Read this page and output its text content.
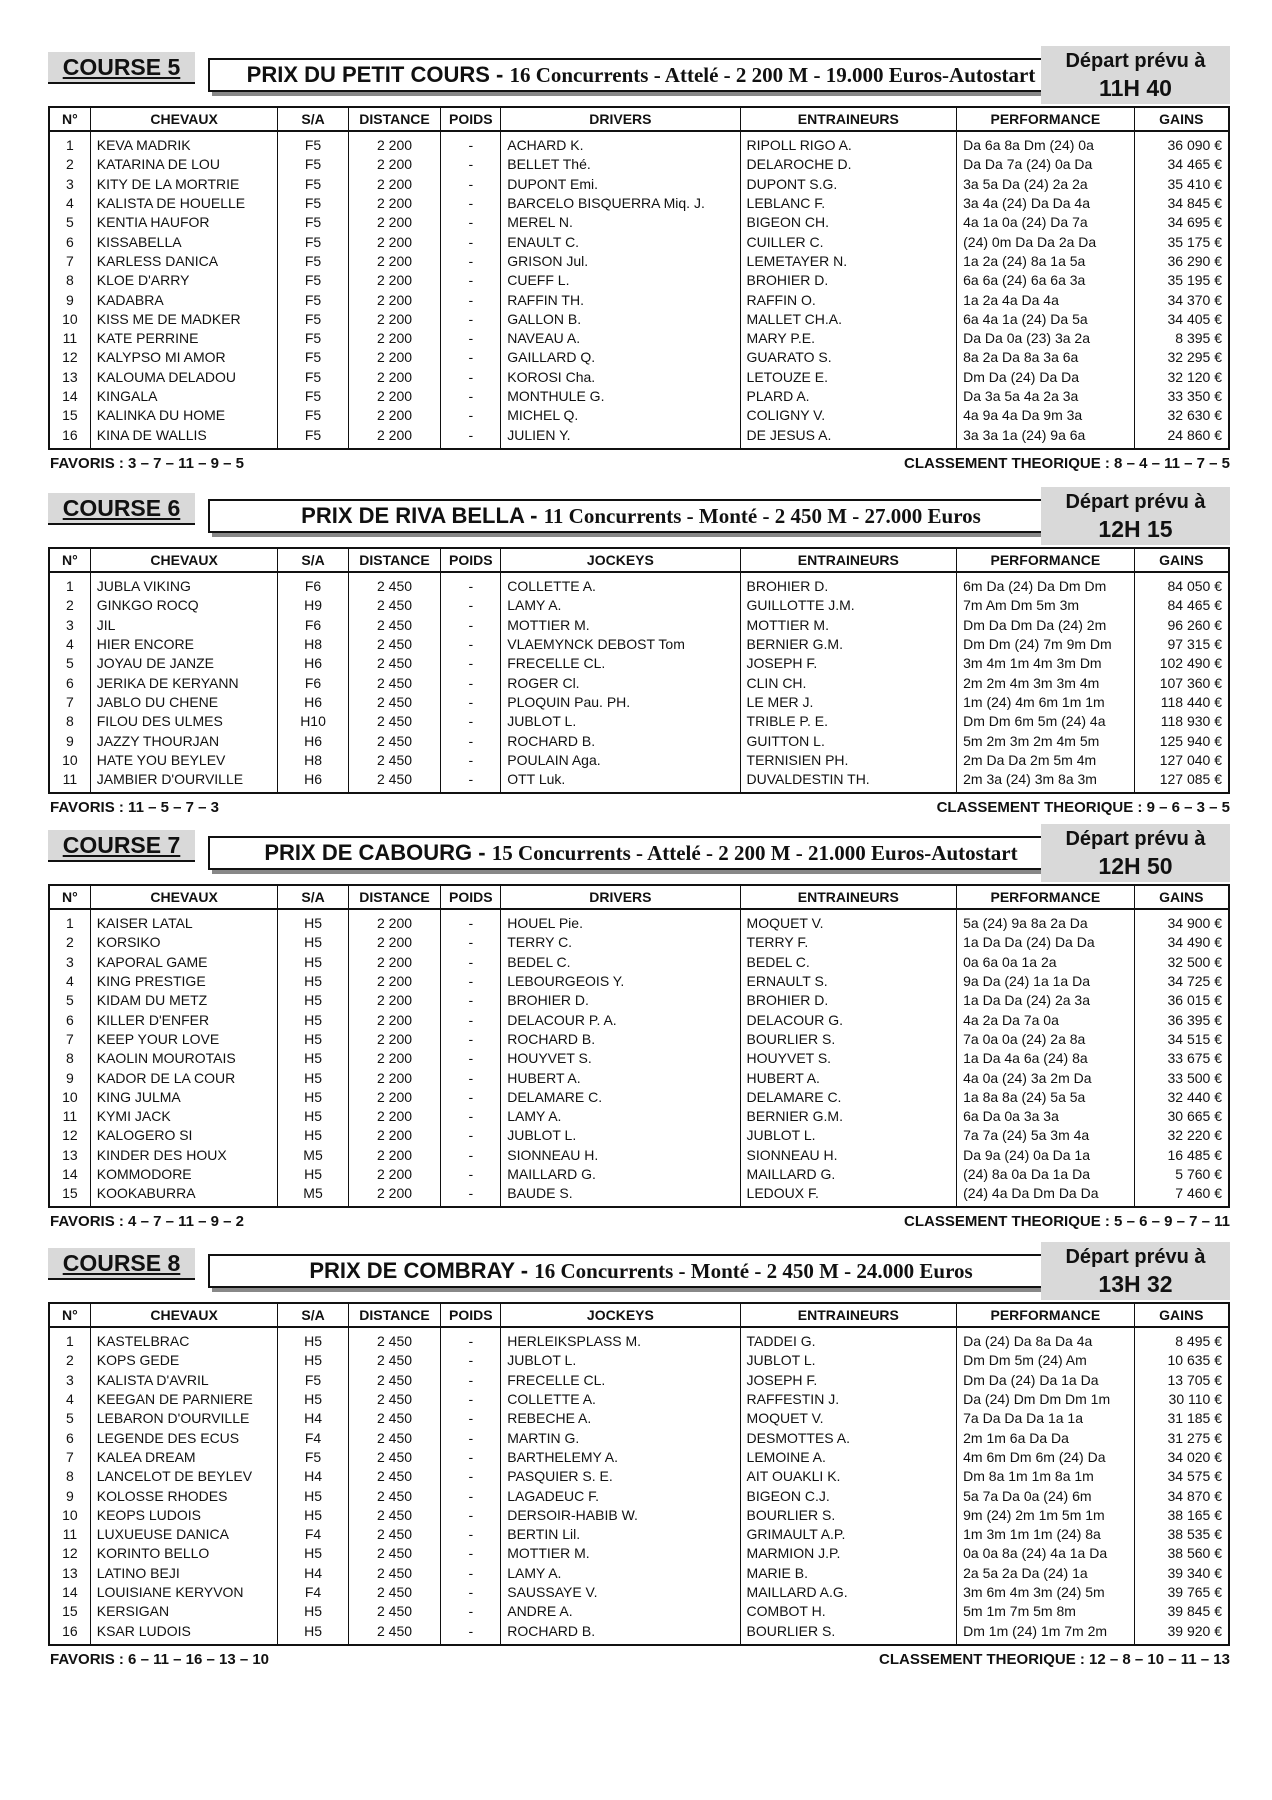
COURSE 5	PRIX DU PETIT COURS - 16 Concurrents - Attelé - 2 200 M - 19.000 Euros-Autostart
Départ prévu à
11H 40
N°	CHEVAUX	S/A	DISTANCE	POIDS	DRIVERS	ENTRAINEURS	PERFORMANCE	GAINS
1	KEVA MADRIK	F5	2 200	-	ACHARD K.	RIPOLL RIGO A.	Da 6a 8a Dm (24) 0a	36 090 €
2	KATARINA DE LOU	F5	2 200	-	BELLET Thé.	DELAROCHE D.	Da Da 7a (24) 0a Da	34 465 €
3	KITY DE LA MORTRIE	F5	2 200	-	DUPONT Emi.	DUPONT S.G.	3a 5a Da (24) 2a 2a	35 410 €
4	KALISTA DE HOUELLE	F5	2 200	-	BARCELO BISQUERRA Miq. J.	LEBLANC F.	3a 4a (24) Da Da 4a	34 845 €
5	KENTIA HAUFOR	F5	2 200	-	MEREL N.	BIGEON CH.	4a 1a 0a (24) Da 7a	34 695 €
6	KISSABELLA	F5	2 200	-	ENAULT C.	CUILLER C.	(24) 0m Da Da 2a Da	35 175 €
7	KARLESS DANICA	F5	2 200	-	GRISON Jul.	LEMETAYER N.	1a 2a (24) 8a 1a 5a	36 290 €
8	KLOE D'ARRY	F5	2 200	-	CUEFF L.	BROHIER D.	6a 6a (24) 6a 6a 3a	35 195 €
9	KADABRA	F5	2 200	-	RAFFIN TH.	RAFFIN O.	1a 2a 4a Da 4a	34 370 €
10	KISS ME DE MADKER	F5	2 200	-	GALLON B.	MALLET CH.A.	6a 4a 1a (24) Da 5a	34 405 €
11	KATE PERRINE	F5	2 200	-	NAVEAU A.	MARY P.E.	Da Da 0a (23) 3a 2a	8 395 €
12	KALYPSO MI AMOR	F5	2 200	-	GAILLARD Q.	GUARATO S.	8a 2a Da 8a 3a 6a	32 295 €
13	KALOUMA DELADOU	F5	2 200	-	KOROSI Cha.	LETOUZE E.	Dm Da (24) Da Da	32 120 €
14	KINGALA	F5	2 200	-	MONTHULE G.	PLARD A.	Da 3a 5a 4a 2a 3a	33 350 €
15	KALINKA DU HOME	F5	2 200	-	MICHEL Q.	COLIGNY V.	4a 9a 4a Da 9m 3a	32 630 €
16	KINA DE WALLIS	F5	2 200	-	JULIEN Y.	DE JESUS A.	3a 3a 1a (24) 9a 6a	24 860 €
FAVORIS : 3 – 7 – 11 – 9 – 5	CLASSEMENT THEORIQUE : 8 – 4 – 11 – 7 – 5
COURSE 6	PRIX DE RIVA BELLA - 11 Concurrents - Monté - 2 450 M - 27.000 Euros
Départ prévu à
12H 15
N°	CHEVAUX	S/A	DISTANCE	POIDS	JOCKEYS	ENTRAINEURS	PERFORMANCE	GAINS
1	JUBLA VIKING	F6	2 450	-	COLLETTE A.	BROHIER D.	6m Da (24) Da Dm Dm	84 050 €
2	GINKGO ROCQ	H9	2 450	-	LAMY A.	GUILLOTTE J.M.	7m Am Dm 5m 3m	84 465 €
3	JIL	F6	2 450	-	MOTTIER M.	MOTTIER M.	Dm Da Dm Da (24) 2m	96 260 €
4	HIER ENCORE	H8	2 450	-	VLAEMYNCK DEBOST Tom	BERNIER G.M.	Dm Dm (24) 7m 9m Dm	97 315 €
5	JOYAU DE JANZE	H6	2 450	-	FRECELLE CL.	JOSEPH F.	3m 4m 1m 4m 3m Dm	102 490 €
6	JERIKA DE KERYANN	F6	2 450	-	ROGER Cl.	CLIN CH.	2m 2m 4m 3m 3m 4m	107 360 €
7	JABLO DU CHENE	H6	2 450	-	PLOQUIN Pau. PH.	LE MER J.	1m (24) 4m 6m 1m 1m	118 440 €
8	FILOU DES ULMES	H10	2 450	-	JUBLOT L.	TRIBLE P. E.	Dm Dm 6m 5m (24) 4a	118 930 €
9	JAZZY THOURJAN	H6	2 450	-	ROCHARD B.	GUITTON L.	5m 2m 3m 2m 4m 5m	125 940 €
10	HATE YOU BEYLEV	H8	2 450	-	POULAIN Aga.	TERNISIEN PH.	2m Da Da 2m 5m 4m	127 040 €
11	JAMBIER D'OURVILLE	H6	2 450	-	OTT Luk.	DUVALDESTIN TH.	2m 3a (24) 3m 8a 3m	127 085 €
FAVORIS : 11 – 5 – 7 – 3	CLASSEMENT THEORIQUE : 9 – 6 – 3 – 5
COURSE 7	PRIX DE CABOURG - 15 Concurrents - Attelé - 2 200 M - 21.000 Euros-Autostart
Départ prévu à
12H 50
N°	CHEVAUX	S/A	DISTANCE	POIDS	DRIVERS	ENTRAINEURS	PERFORMANCE	GAINS
1	KAISER LATAL	H5	2 200	-	HOUEL Pie.	MOQUET V.	5a (24) 9a 8a 2a Da	34 900 €
2	KORSIKO	H5	2 200	-	TERRY C.	TERRY F.	1a Da Da (24) Da Da	34 490 €
3	KAPORAL GAME	H5	2 200	-	BEDEL C.	BEDEL C.	0a 6a 0a 1a 2a	32 500 €
4	KING PRESTIGE	H5	2 200	-	LEBOURGEOIS Y.	ERNAULT S.	9a Da (24) 1a 1a Da	34 725 €
5	KIDAM DU METZ	H5	2 200	-	BROHIER D.	BROHIER D.	1a Da Da (24) 2a 3a	36 015 €
6	KILLER D'ENFER	H5	2 200	-	DELACOUR P. A.	DELACOUR G.	4a 2a Da 7a 0a	36 395 €
7	KEEP YOUR LOVE	H5	2 200	-	ROCHARD B.	BOURLIER S.	7a 0a 0a (24) 2a 8a	34 515 €
8	KAOLIN MOUROTAIS	H5	2 200	-	HOUYVET S.	HOUYVET S.	1a Da 4a 6a (24) 8a	33 675 €
9	KADOR DE LA COUR	H5	2 200	-	HUBERT A.	HUBERT A.	4a 0a (24) 3a 2m Da	33 500 €
10	KING JULMA	H5	2 200	-	DELAMARE C.	DELAMARE C.	1a 8a 8a (24) 5a 5a	32 440 €
11	KYMI JACK	H5	2 200	-	LAMY A.	BERNIER G.M.	6a Da 0a 3a 3a	30 665 €
12	KALOGERO SI	H5	2 200	-	JUBLOT L.	JUBLOT L.	7a 7a (24) 5a 3m 4a	32 220 €
13	KINDER DES HOUX	M5	2 200	-	SIONNEAU H.	SIONNEAU H.	Da 9a (24) 0a Da 1a	16 485 €
14	KOMMODORE	H5	2 200	-	MAILLARD G.	MAILLARD G.	(24) 8a 0a Da 1a Da	5 760 €
15	KOOKABURRA	M5	2 200	-	BAUDE S.	LEDOUX F.	(24) 4a Da Dm Da Da	7 460 €
FAVORIS : 4 – 7 – 11 – 9 – 2	CLASSEMENT THEORIQUE : 5 – 6 – 9 – 7 – 11
COURSE 8	PRIX DE COMBRAY - 16 Concurrents - Monté - 2 450 M - 24.000 Euros
Départ prévu à
13H 32
N°	CHEVAUX	S/A	DISTANCE	POIDS	JOCKEYS	ENTRAINEURS	PERFORMANCE	GAINS
1	KASTELBRAC	H5	2 450	-	HERLEIKSPLASS M.	TADDEI G.	Da (24) Da 8a Da 4a	8 495 €
2	KOPS GEDE	H5	2 450	-	JUBLOT L.	JUBLOT L.	Dm Dm 5m (24) Am	10 635 €
3	KALISTA D'AVRIL	F5	2 450	-	FRECELLE CL.	JOSEPH F.	Dm Da (24) Da 1a Da	13 705 €
4	KEEGAN DE PARNIERE	H5	2 450	-	COLLETTE A.	RAFFESTIN J.	Da (24) Dm Dm Dm 1m	30 110 €
5	LEBARON D'OURVILLE	H4	2 450	-	REBECHE A.	MOQUET V.	7a Da Da Da 1a 1a	31 185 €
6	LEGENDE DES ECUS	F4	2 450	-	MARTIN G.	DESMOTTES A.	2m 1m 6a Da Da	31 275 €
7	KALEA DREAM	F5	2 450	-	BARTHELEMY A.	LEMOINE A.	4m 6m Dm 6m (24) Da	34 020 €
8	LANCELOT DE BEYLEV	H4	2 450	-	PASQUIER S. E.	AIT OUAKLI K.	Dm 8a 1m 1m 8a 1m	34 575 €
9	KOLOSSE RHODES	H5	2 450	-	LAGADEUC F.	BIGEON C.J.	5a 7a Da 0a (24) 6m	34 870 €
10	KEOPS LUDOIS	H5	2 450	-	DERSOIR-HABIB W.	BOURLIER S.	9m (24) 2m 1m 5m 1m	38 165 €
11	LUXUEUSE DANICA	F4	2 450	-	BERTIN Lil.	GRIMAULT A.P.	1m 3m 1m 1m (24) 8a	38 535 €
12	KORINTO BELLO	H5	2 450	-	MOTTIER M.	MARMION J.P.	0a 0a 8a (24) 4a 1a Da	38 560 €
13	LATINO BEJI	H4	2 450	-	LAMY A.	MARIE B.	2a 5a 2a Da (24) 1a	39 340 €
14	LOUISIANE KERYVON	F4	2 450	-	SAUSSAYE V.	MAILLARD A.G.	3m 6m 4m 3m (24) 5m	39 765 €
15	KERSIGAN	H5	2 450	-	ANDRE A.	COMBOT H.	5m 1m 7m 5m 8m	39 845 €
16	KSAR LUDOIS	H5	2 450	-	ROCHARD B.	BOURLIER S.	Dm 1m (24) 1m 7m 2m	39 920 €
FAVORIS : 6 – 11 – 16 – 13 – 10	CLASSEMENT THEORIQUE : 12 – 8 – 10 – 11 – 13
